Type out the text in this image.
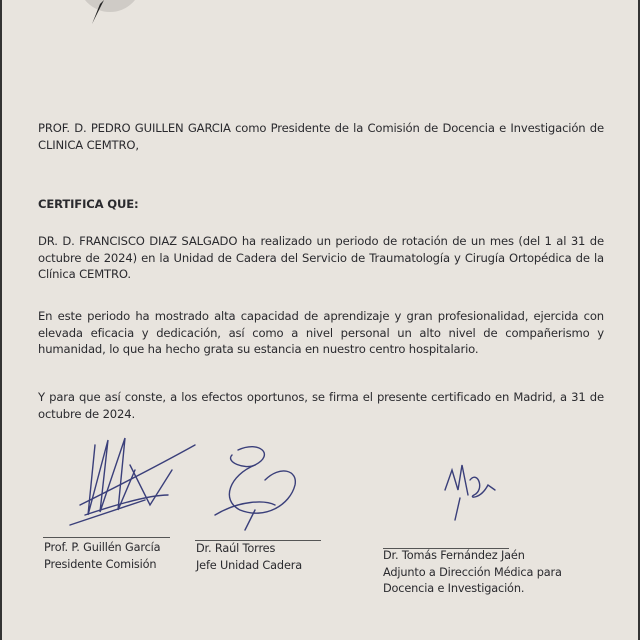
PROF. D. PEDRO GUILLEN GARCIA como Presidente de la Comisión de Docencia e Investigación de CLINICA CEMTRO,
CERTIFICA QUE:
DR. D. FRANCISCO DIAZ SALGADO ha realizado un periodo de rotación de un mes (del 1 al 31 de octubre de 2024) en la Unidad de Cadera del Servicio de Traumatología y Cirugía Ortopédica de la Clínica CEMTRO.
En este periodo ha mostrado alta capacidad de aprendizaje y gran profesionalidad, ejercida con elevada eficacia y dedicación, así como a nivel personal un alto nivel de compañerismo y humanidad, lo que ha hecho grata su estancia en nuestro centro hospitalario.
Y para que así conste, a los efectos oportunos, se firma el presente certificado en Madrid, a 31 de octubre de 2024.
Prof. P. Guillén García
Presidente Comisión
Dr. Raúl Torres
Jefe Unidad Cadera
Dr. Tomás Fernández Jaén
Adjunto a Dirección Médica para
Docencia e Investigación.
